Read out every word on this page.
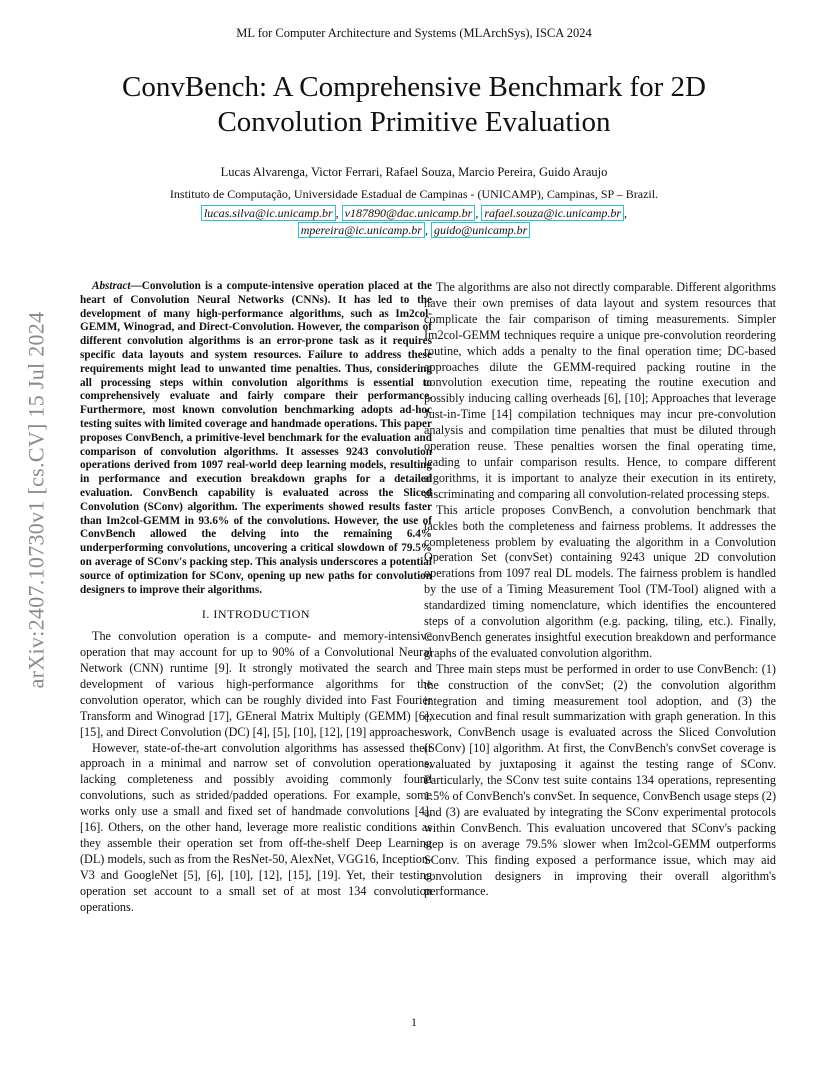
ML for Computer Architecture and Systems (MLArchSys), ISCA 2024
ConvBench: A Comprehensive Benchmark for 2D
Convolution Primitive Evaluation
Lucas Alvarenga, Victor Ferrari, Rafael Souza, Marcio Pereira, Guido Araujo
Instituto de Computação, Universidade Estadual de Campinas - (UNICAMP), Campinas, SP – Brazil.
lucas.silva@ic.unicamp.br , v187890@dac.unicamp.br , rafael.souza@ic.unicamp.br ,
mpereira@ic.unicamp.br , guido@unicamp.br
arXiv:2407.10730v1 [cs.CV] 15 Jul 2024

Abstract—Convolution is a compute-intensive operation placed at the heart of Convolution Neural Networks (CNNs). It has led to the development of many high-performance algorithms, such as Im2col-GEMM, Winograd, and Direct-Convolution. However, the comparison of different convolution algorithms is an error-prone task as it requires specific data layouts and system resources. Failure to address these requirements might lead to unwanted time penalties. Thus, considering all processing steps within convolution algorithms is essential to comprehensively evaluate and fairly compare their performance. Furthermore, most known convolution benchmarking adopts ad-hoc testing suites with limited coverage and handmade operations. This paper proposes ConvBench, a primitive-level benchmark for the evaluation and comparison of convolution algorithms. It assesses 9243 convolution operations derived from 1097 real-world deep learning models, resulting in performance and execution breakdown graphs for a detailed evaluation. ConvBench capability is evaluated across the Sliced Convolution (SConv) algorithm. The experiments showed results faster than Im2col-GEMM in 93.6% of the convolutions. However, the use of ConvBench allowed the delving into the remaining 6.4% underperforming convolutions, uncovering a critical slowdown of 79.5% on average of SConv's packing step. This analysis underscores a potential source of optimization for SConv, opening up new paths for convolution designers to improve their algorithms.

I. INTRODUCTION

The convolution operation is a compute- and memory-intensive operation that may account for up to 90% of a Convolutional Neural Network (CNN) runtime [9]. It strongly motivated the search and development of various high-performance algorithms for the convolution operator, which can be roughly divided into Fast Fourier Transform and Winograd [17], GEneral Matrix Multiply (GEMM) [6], [15], and Direct Convolution (DC) [4], [5], [10], [12], [19] approaches.

However, state-of-the-art convolution algorithms has assessed their approach in a minimal and narrow set of convolution operations, lacking completeness and possibly avoiding commonly found convolutions, such as strided/padded operations. For example, some works only use a small and fixed set of handmade convolutions [4], [16]. Others, on the other hand, leverage more realistic conditions as they assemble their operation set from off-the-shelf Deep Learning (DL) models, such as from the ResNet-50, AlexNet, VGG16, Inception-V3 and GoogleNet [5], [6], [10], [12], [15], [19]. Yet, their testing operation set account to a small set of at most 134 convolution operations.

The algorithms are also not directly comparable. Different algorithms have their own premises of data layout and system resources that complicate the fair comparison of timing measurements. Simpler Im2col-GEMM techniques require a unique pre-convolution reordering routine, which adds a penalty to the final operation time; DC-based approaches dilute the GEMM-required packing routine in the convolution execution time, repeating the routine execution and possibly inducing calling overheads [6], [10]; Approaches that leverage Just-in-Time [14] compilation techniques may incur pre-convolution analysis and compilation time penalties that must be diluted through operation reuse. These penalties worsen the final operating time, leading to unfair comparison results. Hence, to compare different algorithms, it is important to analyze their execution in its entirety, discriminating and comparing all convolution-related processing steps.

This article proposes ConvBench, a convolution benchmark that tackles both the completeness and fairness problems. It addresses the completeness problem by evaluating the algorithm in a Convolution Operation Set (convSet) containing 9243 unique 2D convolution operations from 1097 real DL models. The fairness problem is handled by the use of a Timing Measurement Tool (TM-Tool) aligned with a standardized timing nomenclature, which identifies the encountered steps of a convolution algorithm (e.g. packing, tiling, etc.). Finally, ConvBench generates insightful execution breakdown and performance graphs of the evaluated convolution algorithm.

Three main steps must be performed in order to use ConvBench: (1) the construction of the convSet; (2) the convolution algorithm integration and timing measurement tool adoption, and (3) the execution and final result summarization with graph generation. In this work, ConvBench usage is evaluated across the Sliced Convolution (SConv) [10] algorithm. At first, the ConvBench's convSet coverage is evaluated by juxtaposing it against the testing range of SConv. Particularly, the SConv test suite contains 134 operations, representing 1.5% of ConvBench's convSet. In sequence, ConvBench usage steps (2) and (3) are evaluated by integrating the SConv experimental protocols within ConvBench. This evaluation uncovered that SConv's packing step is on average 79.5% slower when Im2col-GEMM outperforms SConv. This finding exposed a performance issue, which may aid convolution designers in improving their overall algorithm's performance.

1
